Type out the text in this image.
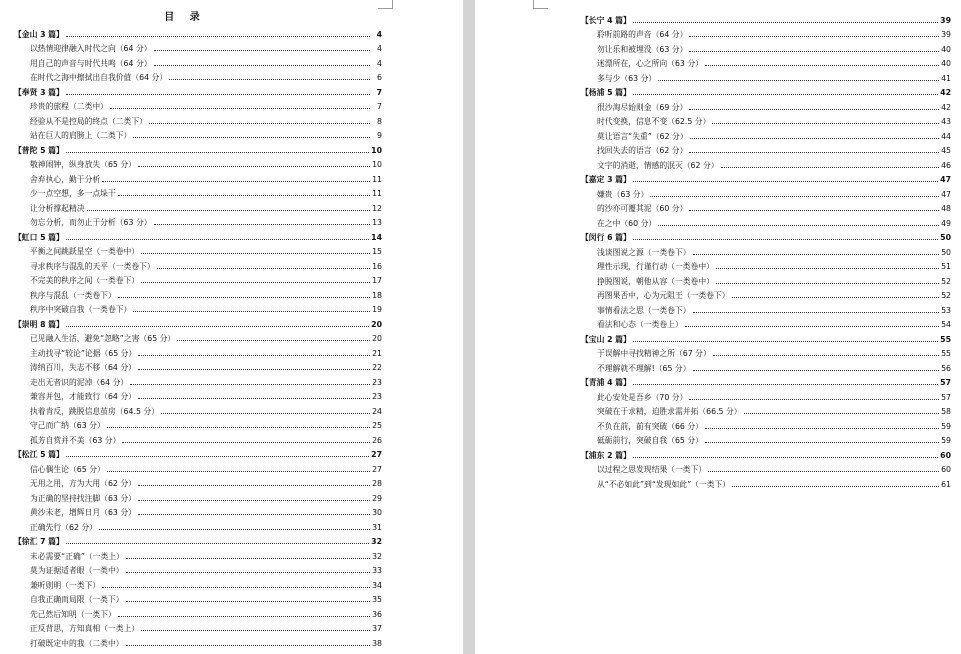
目 录
【金山 3 篇】	4
以热情迎律融入时代之向（64 分）	4
用自己的声音与时代共鸣（64 分）	4
在时代之海中擦拭出自我价值（64 分）	6
【奉贤 3 篇】	7
珍贵的旅程（二类中）	7
经验从不是控局的终点（二类下）	8
站在巨人的肩膀上（二类下）	9
【普陀 5 篇】	10
敬神闹钟，纵身放失（65 分）	10
舍弃执心，勤于分析	11
少一点空想，多一点垛干	11
让分析撑起精决	12
勿忘分析，而勿止于分析（63 分）	13
【虹口 5 篇】	14
平衡之间跳跃星空（一类卷中）	15
寻求秩序与混乱的天平（一类卷下）	16
不完美的秩序之间（一类卷下）	17
秩序与混乱（一类卷下）	18
秩序中突破自我（一类卷下）	19
【崇明 8 篇】	20
已见融入生活，避免“忽略”之害（65 分）	20
主动找寻“较论”论据（65 分）	21
涛纳百川，失志不移（64 分）	22
走出无者识的泥淖（64 分）	23
兼容并包，才能致行（64 分）	23
执着肯反，跳脱信息茧房（64.5 分）	24
守己而广纳（63 分）	25
孤芳自赏并不美（63 分）	26
【松江 5 篇】	27
信心偶生论（65 分）	27
无用之用，方为大用（62 分）	28
为正确的坚持找注脚（63 分）	29
黄沙未老，增辉日月（63 分）	30
正确先行（62 分）	31
【徐汇 7 篇】	32
未必需要“正确”（一类上）	32
莫为证据适者眼（一类中）	33
兼听则明（一类下）	34
自我正确而局限（一类下）	35
先己然后知明（一类下）	36
正反背思，方知真相（一类上）	37
打破既定中的我（二类中）	38
【长宁 4 篇】	39
聆听前路的声音（64 分）	39
勿让乐和被埋没（63 分）	40
迷漂所在，心之所向（63 分）	40
多与少（63 分）	41
【杨浦 5 篇】	42
很沙淘尽始则金（69 分）	42
时代变换，信息不变（62.5 分）	43
莫让语言“失重”（62 分）	44
找回失去的语言（62 分）	45
文字的消逝，情感的泯灭（62 分）	46
【嘉定 3 篇】	47
嫌贵（63 分）	47
的沙亦可覆其泥（60 分）	48
在之中（60 分）	49
【闵行 6 篇】	50
浅谈图说之源（一类卷下）	50
理性示现，行谨行动（一类卷中）	51
挣脱图说，朝他从容（一类卷中）	52
再图果否中，心为元阻王（一类卷下）	52
事情看法之思（一类卷下）	53
看法和心态（一类卷上）	54
【宝山 2 篇】	55
于误解中寻找精神之所（67 分）	55
不理解就不理解!（65 分）	56
【青浦 4 篇】	57
此心安处是吾乡（70 分）	57
突破在于求精，迫胜求需并拓（66.5 分）	58
不负在前，前有突破（66 分）	59
砥砺前行，突破自我（65 分）	59
【浦东 2 篇】	60
以过程之思发现结果（一类下）	60
从“不必如此”到“发现如此”（一类下）	61
